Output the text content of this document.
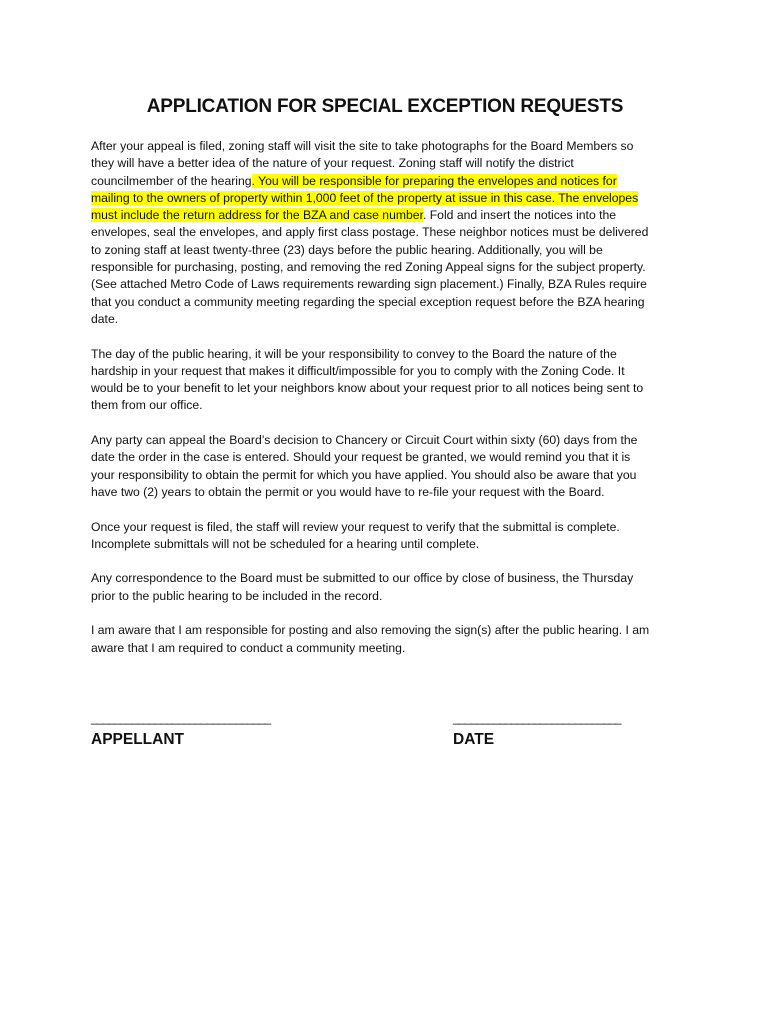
APPLICATION FOR SPECIAL EXCEPTION REQUESTS

After your appeal is filed, zoning staff will visit the site to take photographs for the Board Members so they will have a better idea of the nature of your request. Zoning staff will notify the district councilmember of the hearing. You will be responsible for preparing the envelopes and notices for mailing to the owners of property within 1,000 feet of the property at issue in this case. The envelopes must include the return address for the BZA and case number. Fold and insert the notices into the envelopes, seal the envelopes, and apply first class postage. These neighbor notices must be delivered to zoning staff at least twenty-three (23) days before the public hearing. Additionally, you will be responsible for purchasing, posting, and removing the red Zoning Appeal signs for the subject property. (See attached Metro Code of Laws requirements rewarding sign placement.) Finally, BZA Rules require that you conduct a community meeting regarding the special exception request before the BZA hearing date.

The day of the public hearing, it will be your responsibility to convey to the Board the nature of the hardship in your request that makes it difficult/impossible for you to comply with the Zoning Code. It would be to your benefit to let your neighbors know about your request prior to all notices being sent to them from our office.

Any party can appeal the Board’s decision to Chancery or Circuit Court within sixty (60) days from the date the order in the case is entered. Should your request be granted, we would remind you that it is your responsibility to obtain the permit for which you have applied. You should also be aware that you have two (2) years to obtain the permit or you would have to re-file your request with the Board.

Once your request is filed, the staff will review your request to verify that the submittal is complete. Incomplete submittals will not be scheduled for a hearing until complete.

Any correspondence to the Board must be submitted to our office by close of business, the Thursday prior to the public hearing to be included in the record.

I am aware that I am responsible for posting and also removing the sign(s) after the public hearing. I am aware that I am required to conduct a community meeting.

_______________________________
APPELLANT
_____________________________
DATE
